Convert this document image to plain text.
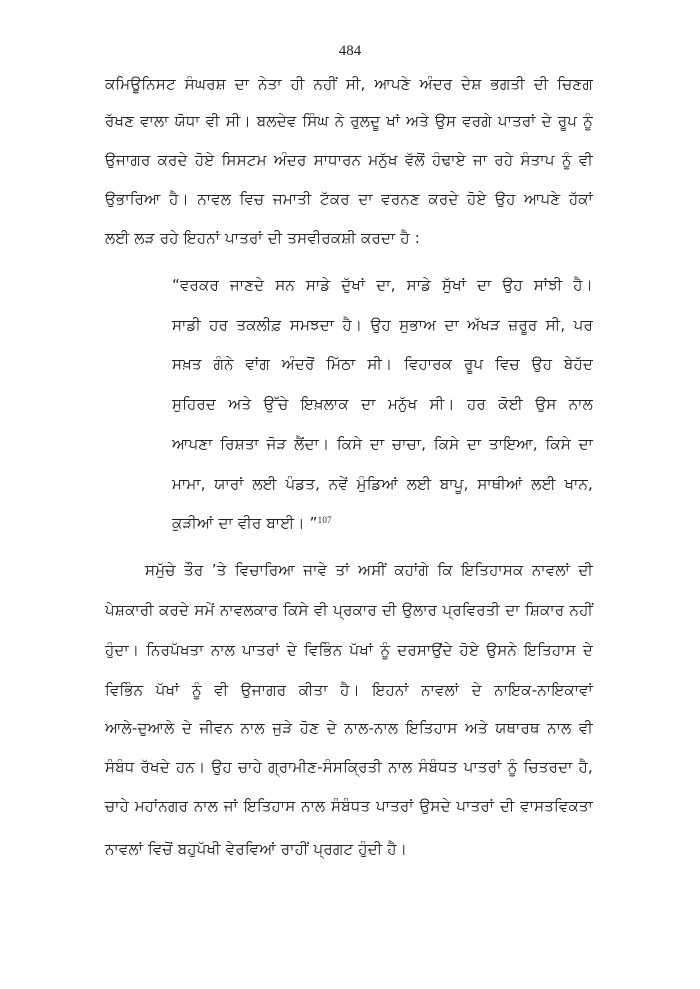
484
ਕਮਿਊਨਿਸਟ ਸੰਘਰਸ਼ ਦਾ ਨੇਤਾ ਹੀ ਨਹੀਂ ਸੀ, ਆਪਣੇ ਅੰਦਰ ਦੇਸ਼ ਭਗਤੀ ਦੀ ਚਿਣਗ
ਰੱਖਣ ਵਾਲਾ ਯੋਧਾ ਵੀ ਸੀ। ਬਲਦੇਵ ਸਿੰਘ ਨੇ ਰੁਲਦੂ ਖਾਂ ਅਤੇ ਉਸ ਵਰਗੇ ਪਾਤਰਾਂ ਦੇ ਰੂਪ ਨੂੰ
ਉਜਾਗਰ ਕਰਦੇ ਹੋਏ ਸਿਸਟਮ ਅੰਦਰ ਸਾਧਾਰਨ ਮਨੁੱਖ ਵੱਲੋਂ ਹੰਢਾਏ ਜਾ ਰਹੇ ਸੰਤਾਪ ਨੂੰ ਵੀ
ਉਭਾਰਿਆ ਹੈ। ਨਾਵਲ ਵਿਚ ਜਮਾਤੀ ਟੱਕਰ ਦਾ ਵਰਨਣ ਕਰਦੇ ਹੋਏ ਉਹ ਆਪਣੇ ਹੱਕਾਂ
ਲਈ ਲੜ ਰਹੇ ਇਹਨਾਂ ਪਾਤਰਾਂ ਦੀ ਤਸਵੀਰਕਸ਼ੀ ਕਰਦਾ ਹੈ :
“ਵਰਕਰ ਜਾਣਦੇ ਸਨ ਸਾਡੇ ਦੁੱਖਾਂ ਦਾ, ਸਾਡੇ ਸੁੱਖਾਂ ਦਾ ਉਹ ਸਾਂਝੀ ਹੈ।
ਸਾਡੀ ਹਰ ਤਕਲੀਫ਼ ਸਮਝਦਾ ਹੈ। ਉਹ ਸੁਭਾਅ ਦਾ ਅੱਖੜ ਜ਼ਰੂਰ ਸੀ, ਪਰ
ਸਖ਼ਤ ਗੰਨੇ ਵਾਂਗ ਅੰਦਰੋਂ ਮਿੱਠਾ ਸੀ। ਵਿਹਾਰਕ ਰੂਪ ਵਿਚ ਉਹ ਬੇਹੱਦ
ਸੁਹਿਰਦ ਅਤੇ ਉੱਚੇ ਇਖ਼ਲਾਕ ਦਾ ਮਨੁੱਖ ਸੀ। ਹਰ ਕੋਈ ਉਸ ਨਾਲ
ਆਪਣਾ ਰਿਸ਼ਤਾ ਜੋੜ ਲੈਂਦਾ। ਕਿਸੇ ਦਾ ਚਾਚਾ, ਕਿਸੇ ਦਾ ਤਾਇਆ, ਕਿਸੇ ਦਾ
ਮਾਮਾ, ਯਾਰਾਂ ਲਈ ਪੰਡਤ, ਨਵੇਂ ਮੁੰਡਿਆਂ ਲਈ ਬਾਪੂ, ਸਾਥੀਆਂ ਲਈ ਖਾਨ,
ਕੁੜੀਆਂ ਦਾ ਵੀਰ ਬਾਈ। ”$^{107}$
ਸਮੁੱਚੇ ਤੌਰ ’ਤੇ ਵਿਚਾਰਿਆ ਜਾਵੇ ਤਾਂ ਅਸੀਂ ਕਹਾਂਗੇ ਕਿ ਇਤਿਹਾਸਕ ਨਾਵਲਾਂ ਦੀ
ਪੇਸ਼ਕਾਰੀ ਕਰਦੇ ਸਮੇਂ ਨਾਵਲਕਾਰ ਕਿਸੇ ਵੀ ਪ੍ਰਕਾਰ ਦੀ ਉਲਾਰ ਪ੍ਰਵਿਰਤੀ ਦਾ ਸ਼ਿਕਾਰ ਨਹੀਂ
ਹੁੰਦਾ। ਨਿਰਪੱਖਤਾ ਨਾਲ ਪਾਤਰਾਂ ਦੇ ਵਿਭਿੰਨ ਪੱਖਾਂ ਨੂੰ ਦਰਸਾਉਂਦੇ ਹੋਏ ਉਸਨੇ ਇਤਿਹਾਸ ਦੇ
ਵਿਭਿੰਨ ਪੱਖਾਂ ਨੂੰ ਵੀ ਉਜਾਗਰ ਕੀਤਾ ਹੈ। ਇਹਨਾਂ ਨਾਵਲਾਂ ਦੇ ਨਾਇਕ-ਨਾਇਕਾਵਾਂ
ਆਲੇ-ਦੁਆਲੇ ਦੇ ਜੀਵਨ ਨਾਲ ਜੁੜੇ ਹੋਣ ਦੇ ਨਾਲ-ਨਾਲ ਇਤਿਹਾਸ ਅਤੇ ਯਥਾਰਥ ਨਾਲ ਵੀ
ਸੰਬੰਧ ਰੱਖਦੇ ਹਨ। ਉਹ ਚਾਹੇ ਗ੍ਰਾਮੀਣ-ਸੰਸਕ੍ਰਿਤੀ ਨਾਲ ਸੰਬੰਧਤ ਪਾਤਰਾਂ ਨੂੰ ਚਿਤਰਦਾ ਹੈ,
ਚਾਹੇ ਮਹਾਂਨਗਰ ਨਾਲ ਜਾਂ ਇਤਿਹਾਸ ਨਾਲ ਸੰਬੰਧਤ ਪਾਤਰਾਂ ਉਸਦੇ ਪਾਤਰਾਂ ਦੀ ਵਾਸਤਵਿਕਤਾ
ਨਾਵਲਾਂ ਵਿਚੋਂ ਬਹੁਪੱਖੀ ਵੇਰਵਿਆਂ ਰਾਹੀਂ ਪ੍ਰਗਟ ਹੁੰਦੀ ਹੈ।
